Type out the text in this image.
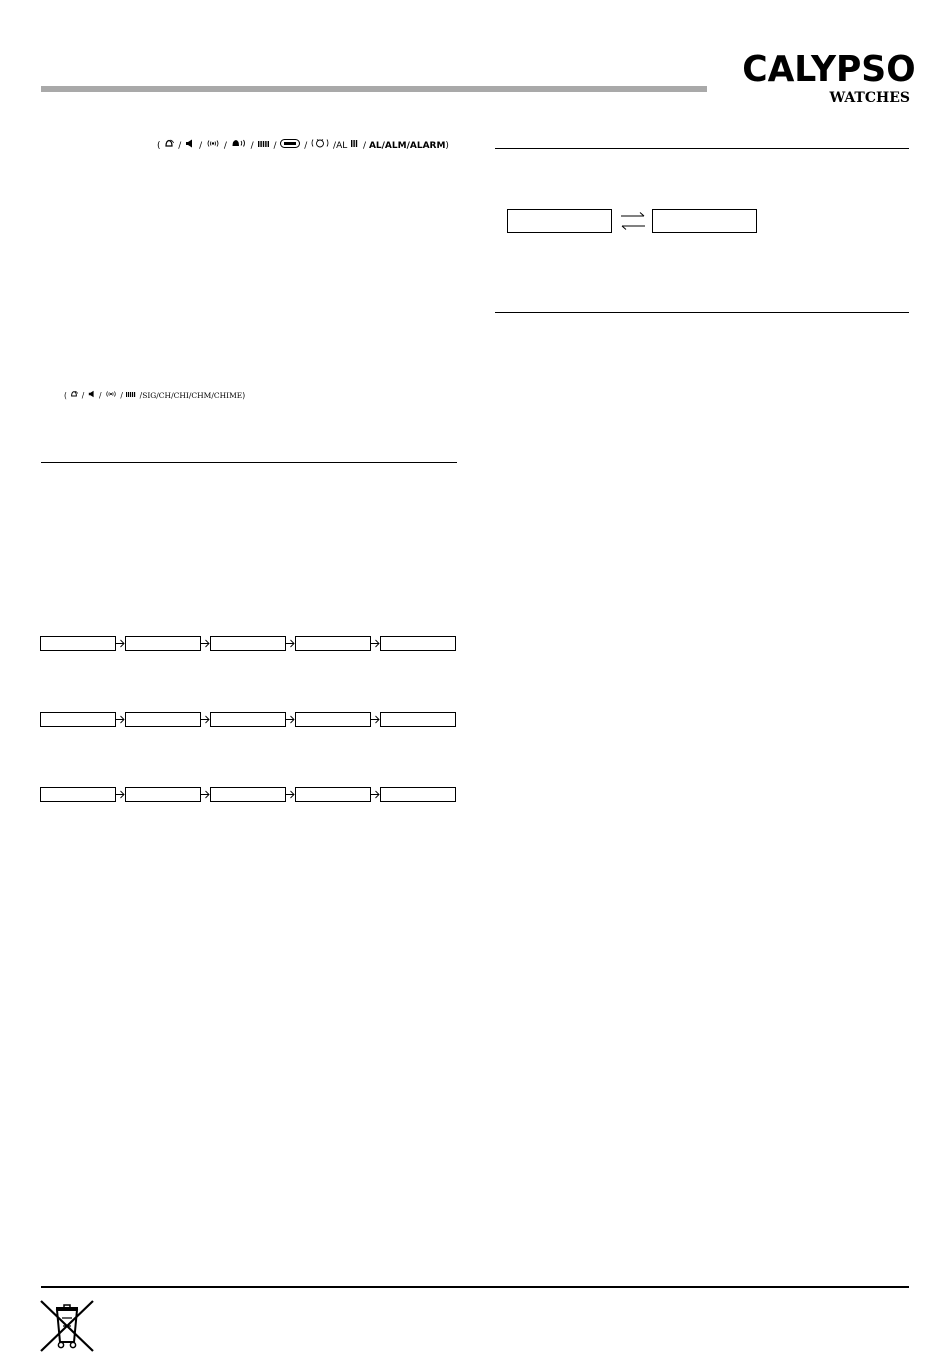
CALYPSO
WATCHES
( / / /	/ /	/	/AL / AL/ALM/ALARM)
( / /	/ /SIG/CH/CHI/CHM/CHIME)
